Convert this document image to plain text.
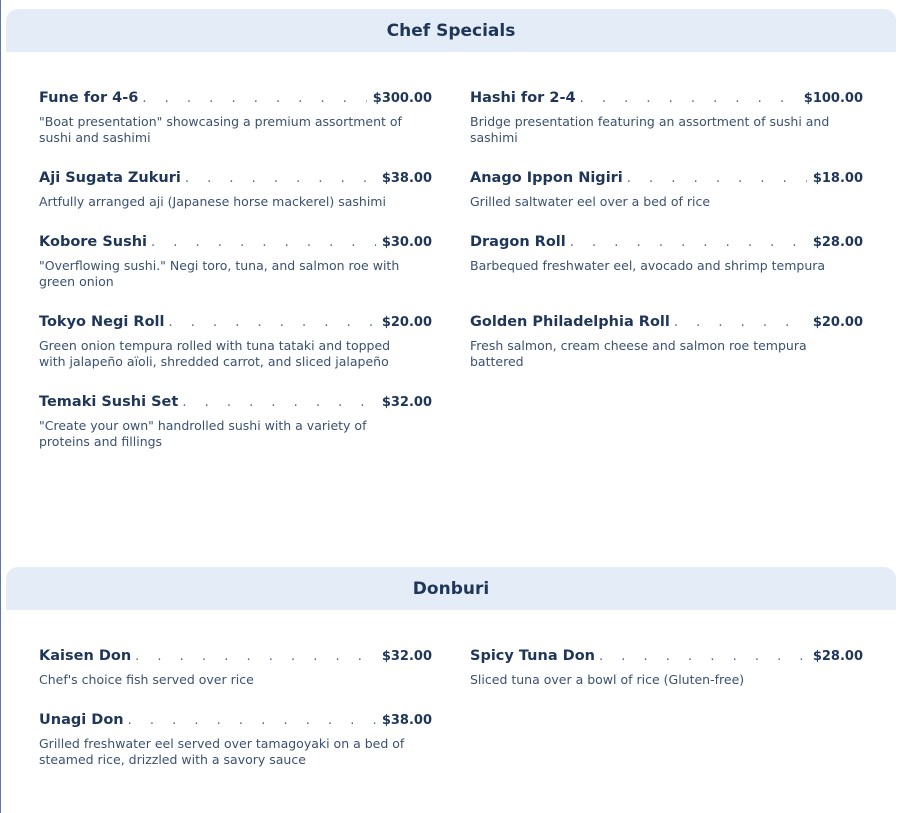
Chef Specials
Fune for 4-6 . . .	$300.00
"Boat presentation" showcasing a premium assortment of sushi and sashimi
Hashi for 2-4 . . .	$100.00
Bridge presentation featuring an assortment of sushi and sashimi
Aji Sugata Zukuri . . .	$38.00
Artfully arranged aji (Japanese horse mackerel) sashimi
Anago Ippon Nigiri . . .	$18.00
Grilled saltwater eel over a bed of rice
Kobore Sushi . . .	$30.00
"Overflowing sushi." Negi toro, tuna, and salmon roe with green onion
Dragon Roll . . .	$28.00
Barbequed freshwater eel, avocado and shrimp tempura
Tokyo Negi Roll . . .	$20.00
Green onion tempura rolled with tuna tataki and topped with jalapeño aïoli, shredded carrot, and sliced jalapeño
Golden Philadelphia Roll . . .	$20.00
Fresh salmon, cream cheese and salmon roe tempura battered
Temaki Sushi Set . . .	$32.00
"Create your own" handrolled sushi with a variety of proteins and fillings
Donburi
Kaisen Don . . .	$32.00
Chef's choice fish served over rice
Spicy Tuna Don . . .	$28.00
Sliced tuna over a bowl of rice (Gluten-free)
Unagi Don . . .	$38.00
Grilled freshwater eel served over tamagoyaki on a bed of steamed rice, drizzled with a savory sauce
